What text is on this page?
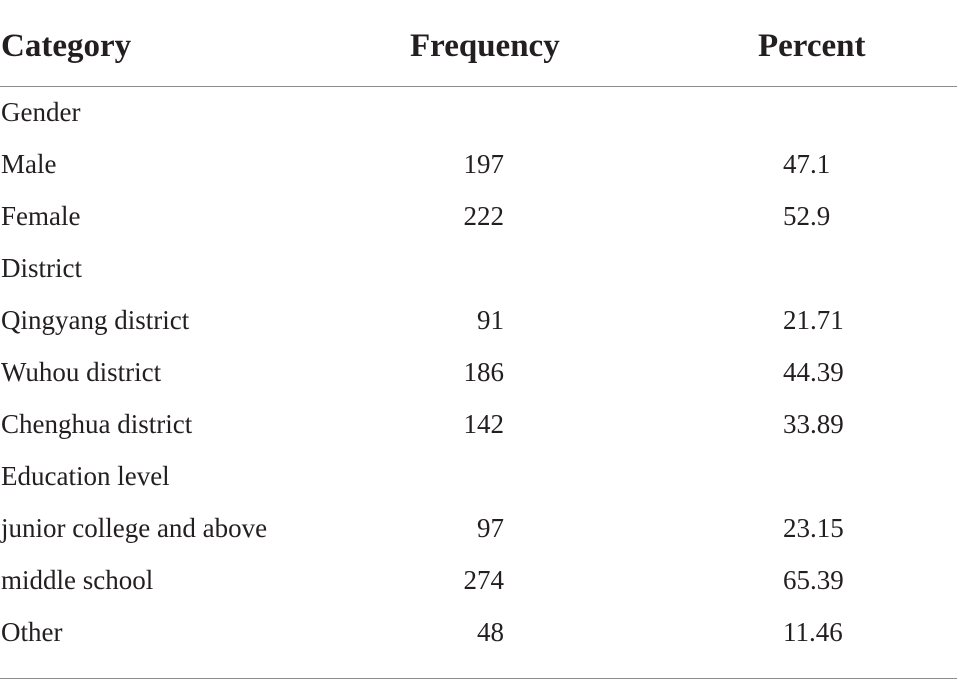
Category	Frequency	Percent
Gender
Male	197	47.1
Female	222	52.9
District
Qingyang district	91	21.71
Wuhou district	186	44.39
Chenghua district	142	33.89
Education level
junior college and above	97	23.15
middle school	274	65.39
Other	48	11.46
